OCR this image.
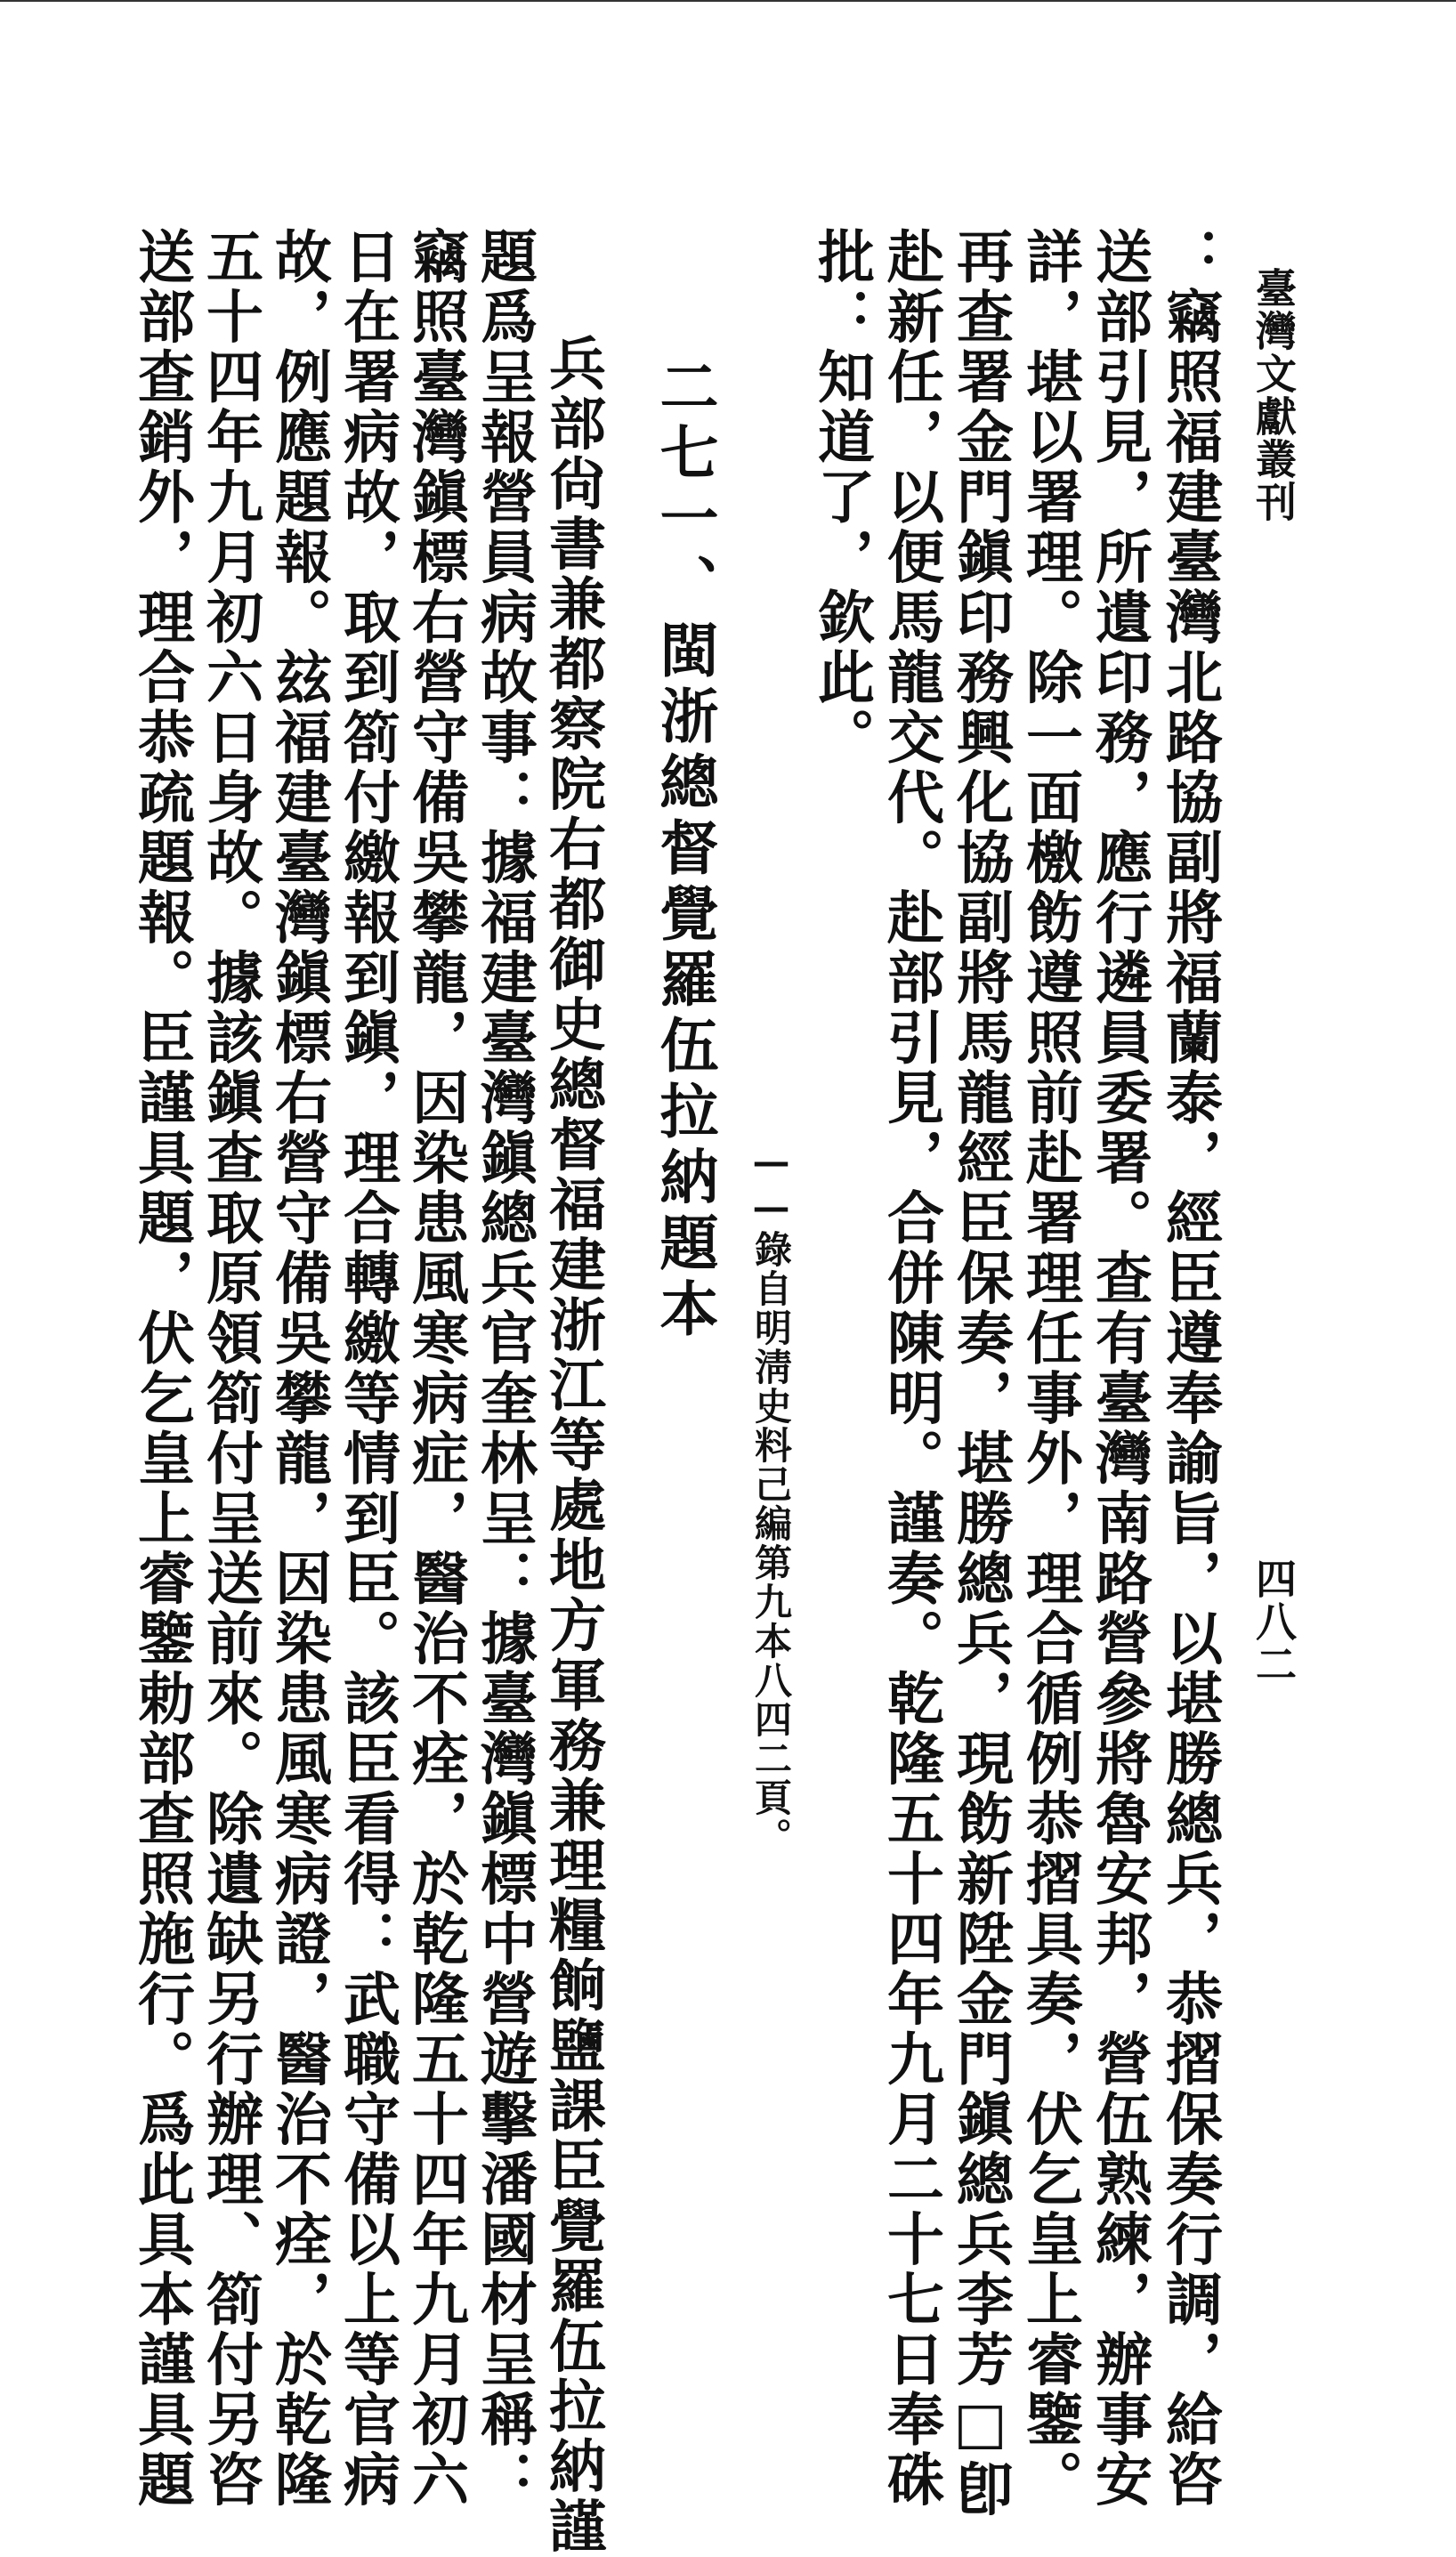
臺灣文獻叢刊
四八二
：竊照福建臺灣北路協副將福蘭泰，經臣遵奉諭旨，以堪勝總兵，恭摺保奏行調，給咨
送部引見，所遺印務，應行遴員委署。查有臺灣南路營參將魯安邦，營伍熟練，辦事安
詳，堪以署理。除一面檄飭遵照前赴署理任事外，理合循例恭摺具奏，伏乞皇上睿鑒。
再查署金門鎭印務興化協副將馬龍經臣保奏，堪勝總兵，現飭新陞金門鎭總兵李芳□卽
赴新任，以便馬龍交代。赴部引見，合併陳明。謹奏。乾隆五十四年九月二十七日奉硃
批：知道了，欽此。
——錄自明淸史料己編第九本八四二頁。
二七一、閩浙總督覺羅伍拉納題本
兵部尙書兼都察院右都御史總督福建浙江等處地方軍務兼理糧餉鹽課臣覺羅伍拉納謹
題爲呈報營員病故事：據福建臺灣鎭總兵官奎林呈：據臺灣鎭標中營遊擊潘國材呈稱：
竊照臺灣鎭標右營守備吳攀龍，因染患風寒病症，醫治不痊，於乾隆五十四年九月初六
日在署病故，取到箚付繳報到鎭，理合轉繳等情到臣。該臣看得：武職守備以上等官病
故，例應題報。玆福建臺灣鎭標右營守備吳攀龍，因染患風寒病證，醫治不痊，於乾隆
五十四年九月初六日身故。據該鎭查取原領箚付呈送前來。除遺缺另行辦理、箚付另咨
送部查銷外，理合恭疏題報。臣謹具題，伏乞皇上睿鑒勅部查照施行。爲此具本謹具題
